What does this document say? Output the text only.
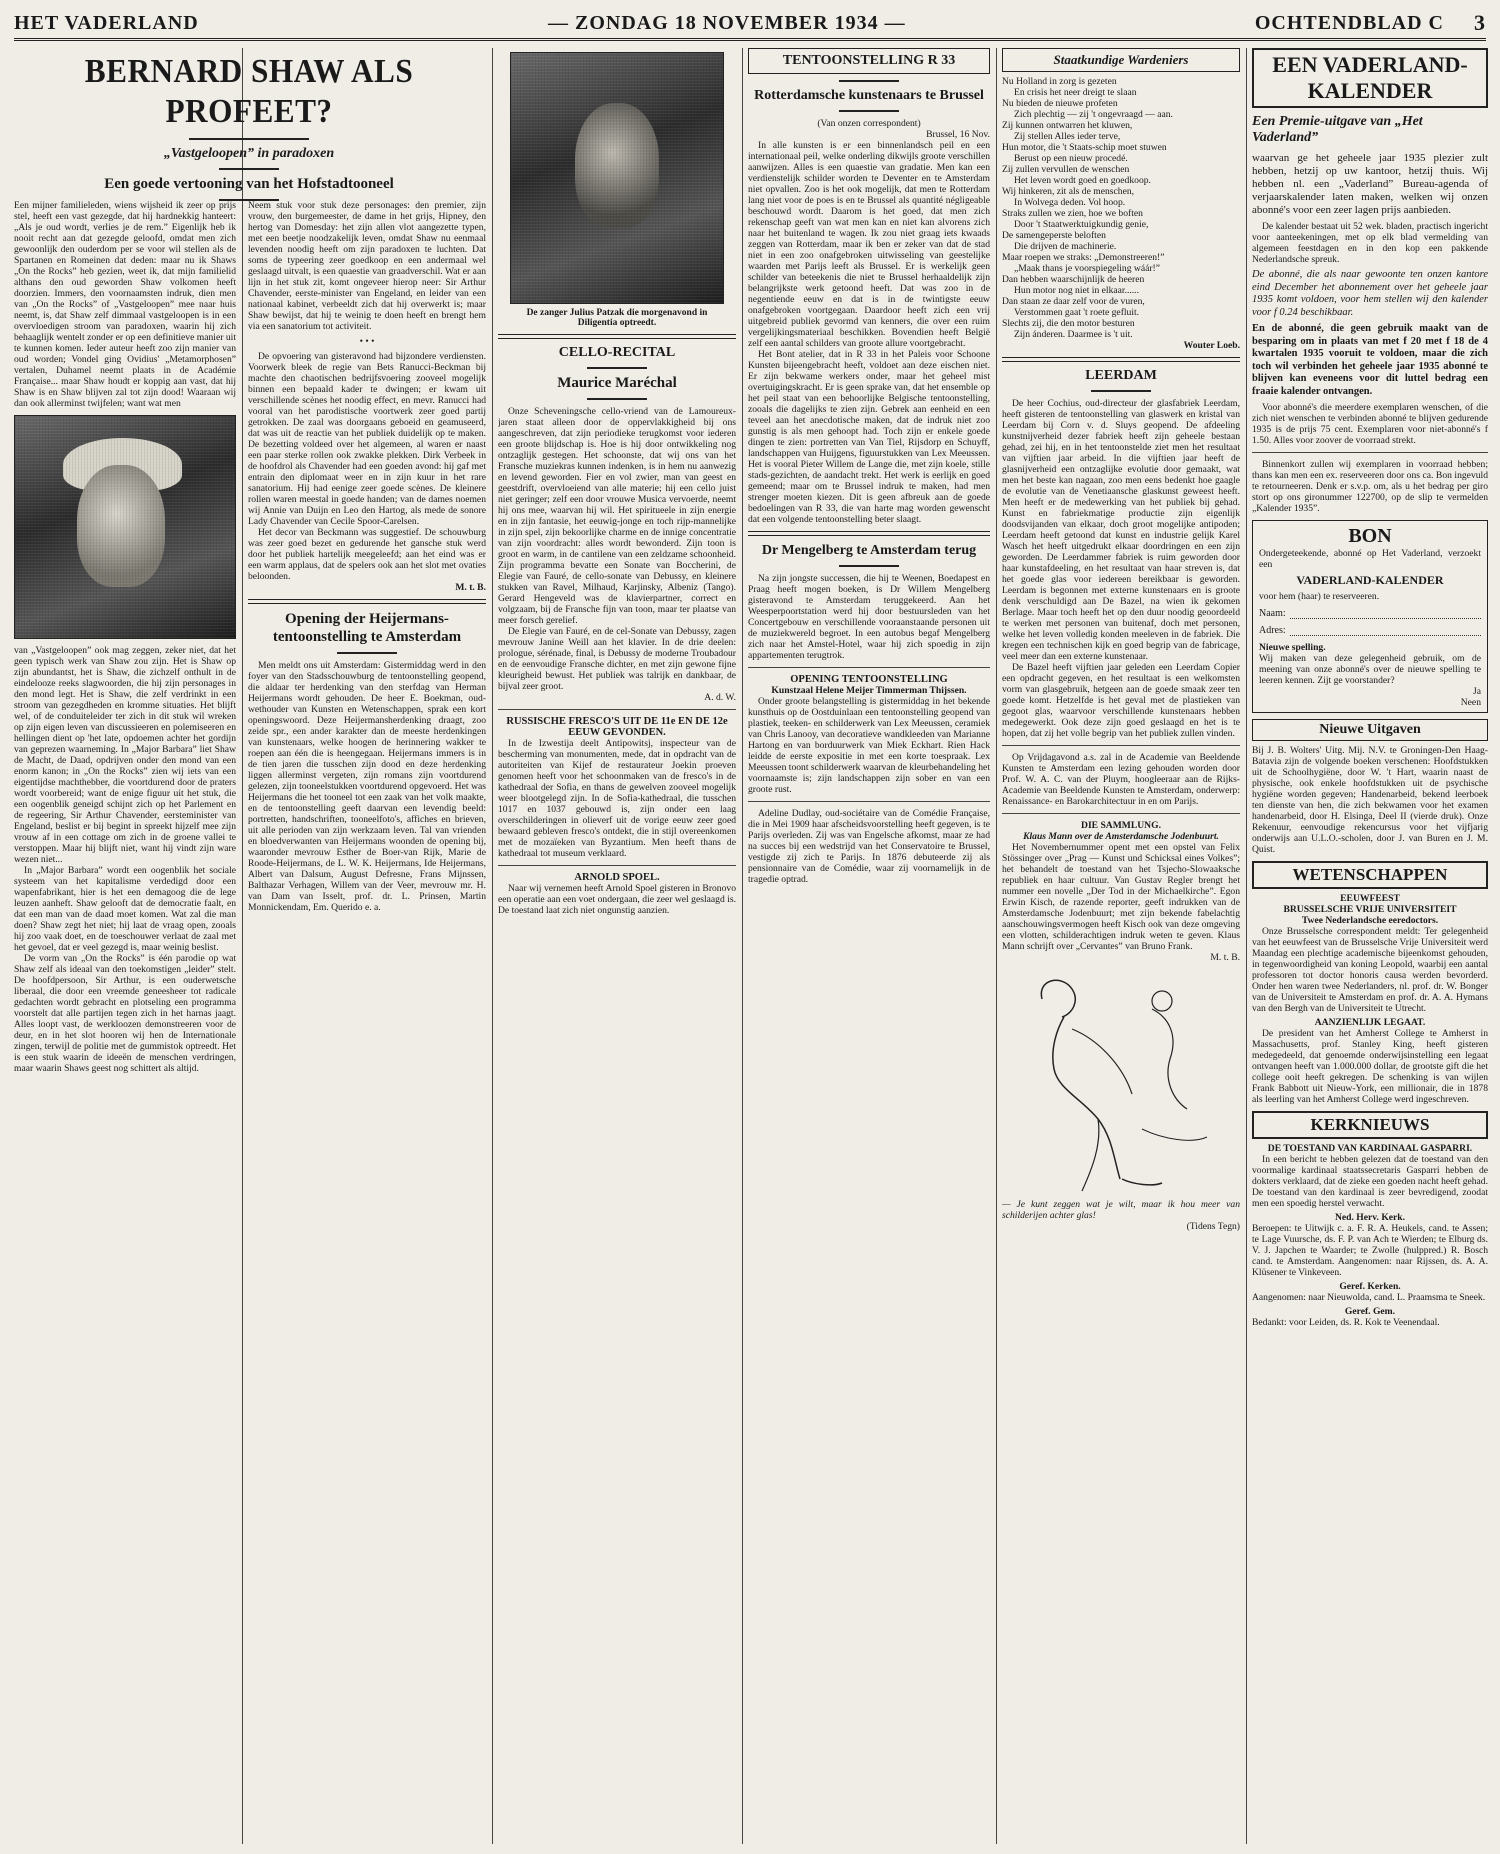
HET VADERLAND	— ZONDAG 18 NOVEMBER 1934 —	OCHTENDBLAD C 3
BERNARD SHAW ALS PROFEET?

„Vastgeloopen” in paradoxen

Een goede vertooning van het Hofstadtooneel

Een mijner familieleden, wiens wijsheid ik zeer op prijs stel, heeft een vast gezegde, dat hij hardnekkig hanteert: „Als je oud wordt, verlies je de rem.” Eigenlijk heb ik nooit recht aan dat gezegde geloofd, omdat men zich gewoonlijk den ouderdom per se voor wil stellen als de Spartanen en Romeinen dat deden: maar nu ik Shaws „On the Rocks” heb gezien, weet ik, dat mijn familielid althans den oud geworden Shaw volkomen heeft doorzien. Immers, den voornaamsten indruk, dien men van „On the Rocks” of „Vastgeloopen” mee naar huis neemt, is, dat Shaw zelf dimmaal vastgeloopen is in een overvloedigen stroom van paradoxen, waarin hij zich behaaglijk wentelt zonder er op een definitieve manier uit te kunnen komen. Ieder auteur heeft zoo zijn manier van oud worden; Vondel ging Ovidius' „Metamorphosen” vertalen, Duhamel neemt plaats in de Académie Française... maar Shaw houdt er koppig aan vast, dat hij Shaw is en Shaw blijven zal tot zijn dood! Waaraan wij dan ook allerminst twijfelen; want wat men

van „Vastgeloopen” ook mag zeggen, zeker niet, dat het geen typisch werk van Shaw zou zijn. Het is Shaw op zijn abundantst, het is Shaw, die zichzelf onthult in de eindelooze reeks slagwoorden, die hij zijn personages in den mond legt. Het is Shaw, die zelf verdrinkt in een stroom van gezegdheden en kromme situaties. Het blijft wel, of de conduiteleider ter zich in dit stuk wil wreken op zijn eigen leven van discussieeren en polemiseeren en hellingen dient op 'het late, opdoemen achter het gordijn van geprezen waarneming. In „Major Barbara” liet Shaw de Macht, de Daad, opdrijven onder den mond van een enorm kanon; in „On the Rocks” zien wij iets van een eigentijdse machthebber, die voortdurend door de praters wordt voorbereid; want de enige figuur uit het stuk, die een oogenblik geneigd schijnt zich op het Parlement en de regeering, Sir Arthur Chavender, eersteminister van Engeland, beslist er bij begint in spreekt hijzelf mee zijn vrouw af in een cottage om zich in de groene vallei te verstoppen. Maar hij blijft niet, want hij vindt zijn ware wezen niet...

In „Major Barbara” wordt een oogenblik het sociale systeem van het kapitalisme verdedigd door een wapenfabrikant, hier is het een demagoog die de lege leuzen aanheft. Shaw gelooft dat de democratie faalt, en dat een man van de daad moet komen. Wat zal die man doen? Shaw zegt het niet; hij laat de vraag open, zooals hij zoo vaak doet, en de toeschouwer verlaat de zaal met het gevoel, dat er veel gezegd is, maar weinig beslist.

De vorm van „On the Rocks” is één parodie op wat Shaw zelf als ideaal van den toekomstigen „leider” stelt. De hoofdpersoon, Sir Arthur, is een ouderwetsche liberaal, die door een vreemde geneesheer tot radicale gedachten wordt gebracht en plotseling een programma voorstelt dat alle partijen tegen zich in het harnas jaagt. Alles loopt vast, de werkloozen demonstreeren voor de deur, en in het slot hooren wij hen de Internationale zingen, terwijl de politie met de gummistok optreedt. Het is een stuk waarin de ideeën de menschen verdringen, maar waarin Shaws geest nog schittert als altijd.

Neem stuk voor stuk deze personages: den premier, zijn vrouw, den burgemeester, de dame in het grijs, Hipney, den hertog van Domesday: het zijn allen vlot aangezette typen, met een beetje noodzakelijk leven, omdat Shaw nu eenmaal levenden noodig heeft om zijn paradoxen te luchten. Dat soms de typeering zeer goedkoop en een andermaal wel geslaagd uitvalt, is een quaestie van graadverschil. Wat er aan lijn in het stuk zit, komt ongeveer hierop neer: Sir Arthur Chavender, eerste-minister van Engeland, en leider van een nationaal kabinet, verbeeldt zich dat hij overwerkt is; maar Shaw bewijst, dat hij te weinig te doen heeft en brengt hem via een sanatorium tot activiteit.

• • •

De opvoering van gisteravond had bijzondere verdiensten. Voorwerk bleek de regie van Bets Ranucci-Beckman bij machte den chaotischen bedrijfsvoering zooveel mogelijk binnen een bepaald kader te dwingen; er kwam uit verschillende scènes het noodig effect, en mevr. Ranucci had vooral van het parodistische voortwerk zeer goed partij getrokken. De zaal was doorgaans geboeid en geamuseerd, dat was uit de reactie van het publiek duidelijk op te maken. De bezetting voldeed over het algemeen, al waren er naast een paar sterke rollen ook zwakke plekken. Dirk Verbeek in de hoofdrol als Chavender had een goeden avond: hij gaf met entrain den diplomaat weer en in zijn kuur in het rare sanatorium. Hij had eenige zeer goede scènes. De kleinere rollen waren meestal in goede handen; van de dames noemen wij Annie van Duijn en Leo den Hartog, als mede de sonore Lady Chavender van Cecile Spoor-Carelsen.

Het decor van Beckmann was suggestief. De schouwburg was zeer goed bezet en gedurende het gansche stuk werd door het publiek hartelijk meegeleefd; aan het eind was er een warm applaus, dat de spelers ook aan het slot met ovaties beloonden.

M. t. B.

Opening der Heijermans-tentoonstelling te Amsterdam

Men meldt ons uit Amsterdam: Gistermiddag werd in den foyer van den Stadsschouwburg de tentoonstelling geopend, die aldaar ter herdenking van den sterfdag van Herman Heijermans wordt gehouden. De heer E. Boekman, oud-wethouder van Kunsten en Wetenschappen, sprak een kort openingswoord. Deze Heijermansherdenking draagt, zoo zeide spr., een ander karakter dan de meeste herdenkingen van kunstenaars, welke hoogen de herinnering wakker te roepen aan één die is heengegaan. Heijermans immers is in de tien jaren die tusschen zijn dood en deze herdenking liggen allerminst vergeten, zijn romans zijn voortdurend gelezen, zijn tooneelstukken voortdurend opgevoerd. Het was Heijermans die het tooneel tot een zaak van het volk maakte, en de tentoonstelling geeft daarvan een levendig beeld: portretten, handschriften, tooneelfoto's, affiches en brieven, uit alle perioden van zijn werkzaam leven. Tal van vrienden en bloedverwanten van Heijermans woonden de opening bij, waaronder mevrouw Esther de Boer-van Rijk, Marie de Roode-Heijermans, de L. W. K. Heijermans, Ide Heijermans, Albert van Dalsum, August Defresne, Frans Mijnssen, Balthazar Verhagen, Willem van der Veer, mevrouw mr. H. van Dam van Isselt, prof. dr. L. Prinsen, Martin Monnickendam, Em. Querido e. a.

De zanger Julius Patzak die morgenavond in Diligentia optreedt.

CELLO-RECITAL

Maurice Maréchal

Onze Scheveningsche cello-vriend van de Lamoureux-jaren staat alleen door de oppervlakkigheid bij ons aangeschreven, dat zijn periodieke terugkomst voor iederen een groote blijdschap is. Hoe is hij door ontwikkeling nog ontzaglijk gestegen. Het schoonste, dat wij ons van het Fransche muziekras kunnen indenken, is in hem nu aanwezig en levend geworden. Fier en vol zwier, man van geest en geestdrift, overvloeiend van alle materie; hij een cello juist niet geringer; zelf een door vrouwe Musica vervoerde, neemt hij ons mee, waarvan hij wil. Het spiritueele in zijn energie en in zijn fantasie, het eeuwig-jonge en toch rijp-mannelijke in zijn spel, zijn bekoorlijke charme en de innige concentratie van zijn voordracht: alles wordt bewonderd. Zijn toon is groot en warm, in de cantilene van een zeldzame schoonheid. Zijn programma bevatte een Sonate van Boccherini, de Elegie van Fauré, de cello-sonate van Debussy, en kleinere stukken van Ravel, Milhaud, Karjinsky, Albeniz (Tango). Gerard Hengeveld was de klavierpartner, correct en volgzaam, bij de Fransche fijn van toon, maar ter plaatse van meer forsch gerelief.

De Elegie van Fauré, en de cel-Sonate van Debussy, zagen mevrouw Janine Weill aan het klavier. In de drie deelen: prologue, sérénade, final, is Debussy de moderne Troubadour en de eenvoudige Fransche dichter, en met zijn gewone fijne kleurigheid bewust. Het publiek was talrijk en dankbaar, de bijval zeer groot.

A. d. W.

RUSSISCHE FRESCO'S UIT DE 11e EN DE 12e EEUW GEVONDEN.

In de Izwestija deelt Antipowitsj, inspecteur van de bescherming van monumenten, mede, dat in opdracht van de autoriteiten van Kijef de restaurateur Joekin proeven genomen heeft voor het schoonmaken van de fresco's in de kathedraal der Sofia, en thans de gewelven zooveel mogelijk weer blootgelegd zijn. In de Sofia-kathedraal, die tusschen 1017 en 1037 gebouwd is, zijn onder een laag overschilderingen in olieverf uit de vorige eeuw zeer goed bewaard gebleven fresco's ontdekt, die in stijl overeenkomen met de mozaïeken van Byzantium. Men heeft thans de kathedraal tot museum verklaard.

ARNOLD SPOEL.

Naar wij vernemen heeft Arnold Spoel gisteren in Bronovo een operatie aan een voet ondergaan, die zeer wel geslaagd is. De toestand laat zich niet ongunstig aanzien.

TENTOONSTELLING R 33

Rotterdamsche kunstenaars te Brussel

(Van onzen correspondent)

Brussel, 16 Nov.

In alle kunsten is er een binnenlandsch peil en een internationaal peil, welke onderling dikwijls groote verschillen aanwijzen. Alles is een quaestie van gradatie. Men kan een verdienstelijk schilder worden te Deventer en te Amsterdam niet opvallen. Zoo is het ook mogelijk, dat men te Rotterdam lang niet voor de poes is en te Brussel als quantité négligeable beschouwd wordt. Daarom is het goed, dat men zich rekenschap geeft van wat men kan en niet kan alvorens zich naar het buitenland te wagen. Ik zou niet graag iets kwaads zeggen van Rotterdam, maar ik ben er zeker van dat de stad niet in een zoo onafgebroken uitwisseling van geestelijke waarden met Parijs leeft als Brussel. Er is werkelijk geen schilder van beteekenis die niet te Brussel herhaaldelijk zijn belangrijkste werk getoond heeft. Dat was zoo in de negentiende eeuw en dat is in de twintigste eeuw onafgebroken voortgegaan. Daardoor heeft zich een vrij uitgebreid publiek gevormd van kenners, die over een ruim vergelijkingsmateriaal beschikken. Bovendien heeft België zelf een aantal schilders van groote allure voortgebracht.

Het Bont atelier, dat in R 33 in het Paleis voor Schoone Kunsten bijeengebracht heeft, voldoet aan deze eischen niet. Er zijn bekwame werkers onder, maar het geheel mist overtuigingskracht. Er is geen sprake van, dat het ensemble op het peil staat van een behoorlijke Belgische tentoonstelling, zooals die dagelijks te zien zijn. Gebrek aan eenheid en een teveel aan het anecdotische maken, dat de indruk niet zoo gunstig is als men gehoopt had. Toch zijn er enkele goede dingen te zien: portretten van Van Tiel, Rijsdorp en Schuyff, landschappen van Huijgens, figuurstukken van Lex Meeussen. Het is vooral Pieter Willem de Lange die, met zijn koele, stille stads-gezichten, de aandacht trekt. Het werk is eerlijk en goed gemeend; maar om te Brussel indruk te maken, had men strenger moeten kiezen. Dit is geen afbreuk aan de goede bedoelingen van R 33, die van harte mag worden gewenscht dat een volgende tentoonstelling beter slaagt.

Dr Mengelberg te Amsterdam terug

Na zijn jongste successen, die hij te Weenen, Boedapest en Praag heeft mogen boeken, is Dr Willem Mengelberg gisteravond te Amsterdam teruggekeerd. Aan het Weesperpoortstation werd hij door bestuursleden van het Concertgebouw en verschillende vooraanstaande personen uit de muziekwereld begroet. In een autobus begaf Mengelberg zich naar het Amstel-Hotel, waar hij zich spoedig in zijn appartementen terugtrok.

OPENING TENTOONSTELLING

Kunstzaal Helene Meijer Timmerman Thijssen.

Onder groote belangstelling is gistermiddag in het bekende kunsthuis op de Oostduinlaan een tentoonstelling geopend van plastiek, teeken- en schilderwerk van Lex Meeussen, ceramiek van Chris Lanooy, van decoratieve wandkleeden van Marianne Hartong en van borduurwerk van Miek Eckhart. Rien Hack leidde de eerste expositie in met een korte toespraak. Lex Meeussen toont schilderwerk waarvan de kleurbehandeling het voornaamste is; zijn landschappen zijn sober en van een groote rust.

Adeline Dudlay, oud-sociétaire van de Comédie Française, die in Mei 1909 haar afscheidsvoorstelling heeft gegeven, is te Parijs overleden. Zij was van Engelsche afkomst, maar ze had na succes bij een wedstrijd van het Conservatoire te Brussel, vestigde zij zich te Parijs. In 1876 debuteerde zij als pensionnaire van de Comédie, waar zij voornamelijk in de tragedie optrad.

Staatkundige Wardeniers

Nu Holland in zorg is gezeten

En crisis het neer dreigt te slaan

Nu bieden de nieuwe profeten

Zich plechtig — zij 't ongevraagd — aan.

Zij kunnen ontwarren het kluwen,

Zij stellen Alles ieder terve,

Hun motor, die 't Staats-schip moet stuwen

Berust op een nieuw procedé.

Zij zullen vervullen de wenschen

Het leven wordt goed en goedkoop.

Wij hinkeren, zit als de menschen,

In Wolvega deden. Vol hoop.

Straks zullen we zien, hoe we boften

Door 't Staatwerktuigkundig genie,

De samengeperste beloften

Die drijven de machinerie.

Maar roepen we straks: „Demonstreeren!”

„Maak thans je voorspiegeling wáár!”

Dan hebben waarschijnlijk de heeren

Hun motor nog niet in elkaar......

Dan staan ze daar zelf voor de vuren,

Verstommen gaat 't roete gefluit.

Slechts zij, die den motor besturen

Zijn ánderen. Daarmee is 't uit.

Wouter Loeb.

LEERDAM

De heer Cochius, oud-directeur der glasfabriek Leerdam, heeft gisteren de tentoonstelling van glaswerk en kristal van Leerdam bij Corn v. d. Sluys geopend. De afdeeling kunstnijverheid dezer fabriek heeft zijn geheele bestaan gehad, zei hij, en in het tentoonstelde ziet men het resultaat van vijftien jaar arbeid. In die vijftien jaar heeft de glasnijverheid een ontzaglijke evolutie door gemaakt, wat men het beste kan nagaan, zoo men eens bedenkt hoe gaagle de evolutie van de Venetiaansche glaskunst geweest heeft. Men heeft er de medewerking van het publiek bij gehad. Kunst en fabriekmatige productie zijn eigenlijk doodsvijanden van elkaar, doch groot mogelijke antipoden; Leerdam heeft getoond dat kunst en industrie gelijk Karel Wasch het heeft uitgedrukt elkaar doordringen en een zijn geworden. De Leerdammer fabriek is ruim geworden door haar kunstafdeeling, en het resultaat van haar streven is, dat het goede glas voor iedereen bereikbaar is geworden. Leerdam is begonnen met externe kunstenaars en is groote denk verschuldigd aan De Bazel, na wien ik gekomen Berlage. Maar toch heeft het op den duur noodig geoordeeld te werken met personen van buitenaf, doch met personen, welke het leven volledig konden meeleven in de fabriek. Die kregen een technischen kijk en goed begrip van de fabricage, veel meer dan een externe kunstenaar.

De Bazel heeft vijftien jaar geleden een Leerdam Copier een opdracht gegeven, en het resultaat is een welkomsten vorm van glasgebruik, hetgeen aan de goede smaak zeer ten goede komt. Hetzelfde is het geval met de plastieken van gegoot glas, waarvoor verschillende kunstenaars hebben medegewerkt. Ook deze zijn goed geslaagd en het is te hopen, dat zij het volle begrip van het publiek zullen vinden.

Op Vrijdagavond a.s. zal in de Academie van Beeldende Kunsten te Amsterdam een lezing gehouden worden door Prof. W. A. C. van der Pluym, hoogleeraar aan de Rijks-Academie van Beeldende Kunsten te Amsterdam, onderwerp: Renaissance- en Barokarchitectuur in en om Parijs.

DIE SAMMLUNG.

Klaus Mann over de Amsterdamsche Jodenbuurt.

Het Novembernummer opent met een opstel van Felix Stössinger over „Prag — Kunst und Schicksal eines Volkes”; het behandelt de toestand van het Tsjecho-Slowaaksche republiek en haar cultuur. Van Gustav Regler brengt het nummer een novelle „Der Tod in der Michaelkirche”. Egon Erwin Kisch, de razende reporter, geeft indrukken van de Amsterdamsche Jodenbuurt; met zijn bekende fabelachtig aanschouwingsvermogen heeft Kisch ook van deze omgeving een vlotten, schilderachtigen indruk weten te geven. Klaus Mann schrijft over „Cervantes” van Bruno Frank.

M. t. B.

— Je kunt zeggen wat je wilt, maar ik hou meer van schilderijen achter glas!

(Tidens Tegn)

EEN VADERLAND-

KALENDER

Een Premie-uitgave van „Het Vaderland”

waarvan ge het geheele jaar 1935 plezier zult hebben, hetzij op uw kantoor, hetzij thuis. Wij hebben nl. een „Vaderland” Bureau-agenda of verjaarskalender laten maken, welken wij onzen abonné's voor een zeer lagen prijs aanbieden.

De kalender bestaat uit 52 wek. bladen, practisch ingericht voor aanteekeningen, met op elk blad vermelding van algemeen feestdagen en in den kop een pakkende Nederlandsche spreuk.

De abonné, die als naar gewoonte ten onzen kantore eind December het abonnement over het geheele jaar 1935 komt voldoen, voor hem stellen wij den kalender voor f 0.24 beschikbaar.

En de abonné, die geen gebruik maakt van de besparing om in plaats van met f 20 met f 18 de 4 kwartalen 1935 vooruit te voldoen, maar die zich toch wil verbinden het geheele jaar 1935 abonné te blijven kan eveneens voor dit luttel bedrag een fraaie kalender ontvangen.

Voor abonné's die meerdere exemplaren wenschen, of die zich niet wenschen te verbinden abonné te blijven gedurende 1935 is de prijs 75 cent. Exemplaren voor niet-abonné's f 1.50. Alles voor zoover de voorraad strekt.

Binnenkort zullen wij exemplaren in voorraad hebben; thans kan men een ex. reserveeren door ons ca. Bon ingevuld te retourneeren. Denk er s.v.p. om, als u het bedrag per giro stort op ons gironummer 122700, op de slip te vermelden „Kalender 1935”.

BON

Ondergeteekende, abonné op Het Vaderland, verzoekt een

VADERLAND-KALENDER

voor hem (haar) te reserveeren.

Naam:
Adres:

Nieuwe spelling.

Wij maken van deze gelegenheid gebruik, om de meening van onze abonné's over de nieuwe spelling te leeren kennen. Zijt ge voorstander?

Ja

Neen

Nieuwe Uitgaven

Bij J. B. Wolters' Uitg. Mij. N.V. te Groningen-Den Haag-Batavia zijn de volgende boeken verschenen: Hoofdstukken uit de Schoolhygiëne, door W. 't Hart, waarin naast de physische, ook enkele hoofdstukken uit de psychische hygiëne worden gegeven; Handenarbeid, bekend leerboek ten dienste van hen, die zich bekwamen voor het examen handenarbeid, door H. Elsinga, Deel II (vierde druk). Onze Rekenuur, eenvoudige rekencursus voor het vijfjarig onderwijs aan U.L.O.-scholen, door J. van Buren en J. M. Quist.

WETENSCHAPPEN

EEUWFEEST

BRUSSELSCHE VRIJE UNIVERSITEIT

Twee Nederlandsche eeredoctors.

Onze Brusselsche correspondent meldt: Ter gelegenheid van het eeuwfeest van de Brusselsche Vrije Universiteit werd Maandag een plechtige academische bijeenkomst gehouden, in tegenwoordigheid van koning Leopold, waarbij een aantal professoren tot doctor honoris causa werden bevorderd. Onder hen waren twee Nederlanders, nl. prof. dr. W. Bonger van de Universiteit te Amsterdam en prof. dr. A. A. Hymans van den Bergh van de Universiteit te Utrecht.

AANZIENLIJK LEGAAT.

De president van het Amherst College te Amherst in Massachusetts, prof. Stanley King, heeft gisteren medegedeeld, dat genoemde onderwijsinstelling een legaat ontvangen heeft van 1.000.000 dollar, de grootste gift die het college ooit heeft gekregen. De schenking is van wijlen Frank Babbott uit Nieuw-York, een millionair, die in 1878 als leerling van het Amherst College werd ingeschreven.

KERKNIEUWS

DE TOESTAND VAN KARDINAAL GASPARRI.

In een bericht te hebben gelezen dat de toestand van den voormalige kardinaal staatssecretaris Gasparri hebben de dokters verklaard, dat de zieke een goeden nacht heeft gehad. De toestand van den kardinaal is zeer bevredigend, zoodat men een spoedig herstel verwacht.

Ned. Herv. Kerk.

Beroepen: te Uitwijk c. a. F. R. A. Heukels, cand. te Assen; te Lage Vuursche, ds. F. P. van Ach te Wierden; te Elburg ds. V. J. Japchen te Waarder; te Zwolle (hulppred.) R. Bosch cand. te Amsterdam. Aangenomen: naar Rijssen, ds. A. A. Klüsener te Vinkeveen.

Geref. Kerken.

Aangenomen: naar Nieuwolda, cand. L. Praamsma te Sneek.

Geref. Gem.

Bedankt: voor Leiden, ds. R. Kok te Veenendaal.
